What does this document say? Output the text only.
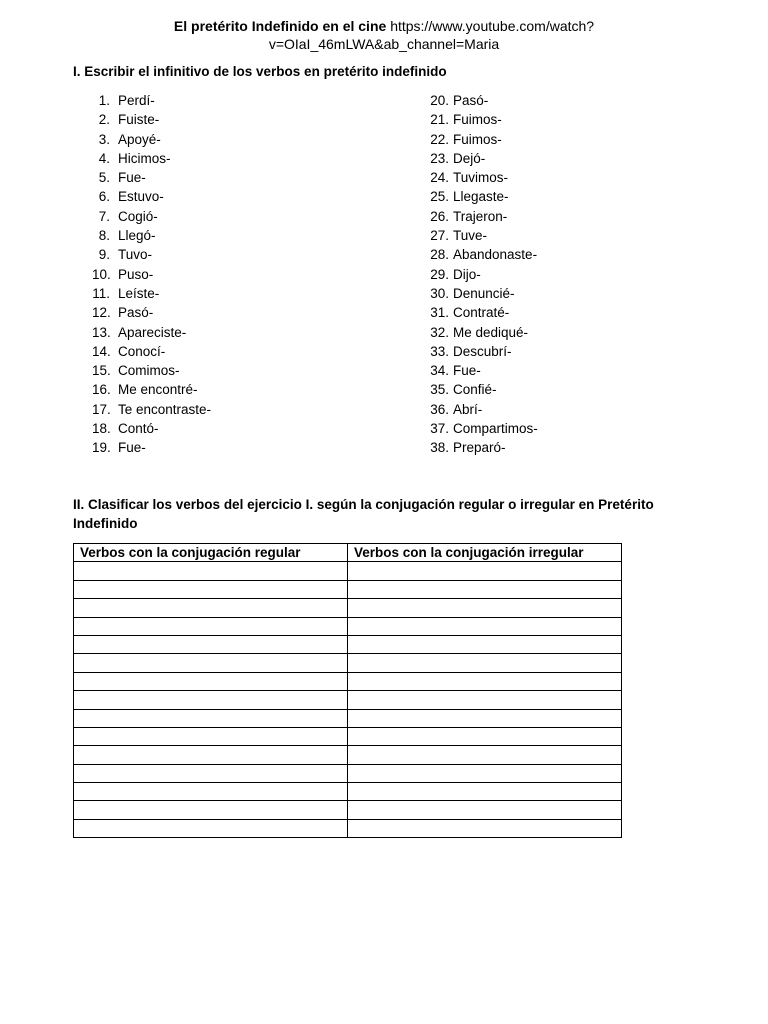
El pretérito Indefinido en el cine https://www.youtube.com/watch?
v=OIaI_46mLWA&ab_channel=Maria
I. Escribir el infinitivo de los verbos en pretérito indefinido
1. Perdí-
2. Fuiste-
3. Apoyé-
4. Hicimos-
5. Fue-
6. Estuvo-
7. Cogió-
8. Llegó-
9. Tuvo-
10. Puso-
11. Leíste-
12. Pasó-
13. Apareciste-
14. Conocí-
15. Comimos-
16. Me encontré-
17. Te encontraste-
18. Contó-
19. Fue-
20. Pasó-
21. Fuimos-
22. Fuimos-
23. Dejó-
24. Tuvimos-
25. Llegaste-
26. Trajeron-
27. Tuve-
28. Abandonaste-
29. Dijo-
30. Denuncié-
31. Contraté-
32. Me dediqué-
33. Descubrí-
34. Fue-
35. Confié-
36. Abrí-
37. Compartimos-
38. Preparó-
II. Clasificar los verbos del ejercicio I. según la conjugación regular o irregular en Pretérito Indefinido
Verbos con la conjugación regular	Verbos con la conjugación irregular
